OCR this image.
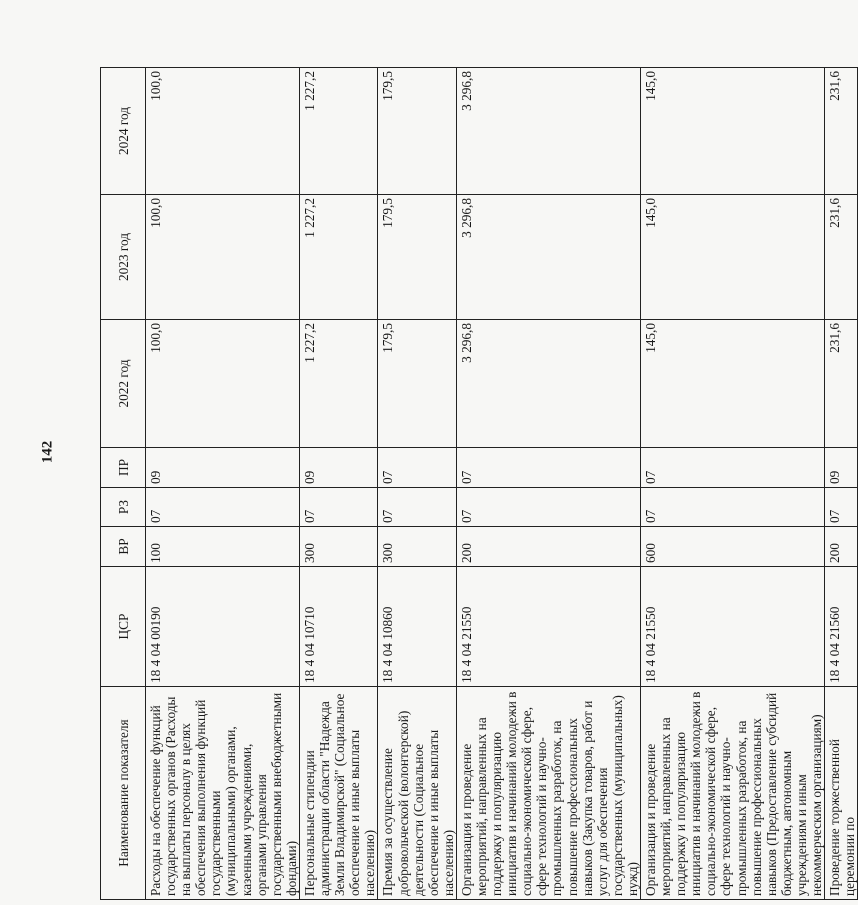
142
Наименование показателя	ЦСР	ВР	РЗ	ПР	2022 год	2023 год	2024 год
Расходы на обеспечение функций государственных органов (Расходы на выплаты персоналу в целях обеспечения выполнения функций государственными (муниципальными) органами, казенными учреждениями, органами управления государственными внебюджетными фондами)	18 4 04 00190	100	07	09	100,0	100,0	100,0
Персональные стипендии администрации области "Надежда Земли Владимирской" (Социальное обеспечение и иные выплаты населению)	18 4 04 10710	300	07	09	1 227,2	1 227,2	1 227,2
Премия за осуществление добровольческой (волонтерской) деятельности (Социальное обеспечение и иные выплаты населению)	18 4 04 10860	300	07	07	179,5	179,5	179,5
Организация и проведение мероприятий, направленных на поддержку и популяризацию инициатив и начинаний молодежи в социально-экономической сфере, сфере технологий и научно-промышленных разработок, на повышение профессиональных навыков (Закупка товаров, работ и услуг для обеспечения государственных (муниципальных) нужд)	18 4 04 21550	200	07	07	3 296,8	3 296,8	3 296,8
Организация и проведение мероприятий, направленных на поддержку и популяризацию инициатив и начинаний молодежи в социально-экономической сфере, сфере технологий и научно-промышленных разработок, на повышение профессиональных навыков (Предоставление субсидий бюджетным, автономным учреждениям и иным некоммерческим организациям)	18 4 04 21550	600	07	07	145,0	145,0	145,0
Проведение торжественной церемонии по	18 4 04 21560	200	07	09	231,6	231,6	231,6
